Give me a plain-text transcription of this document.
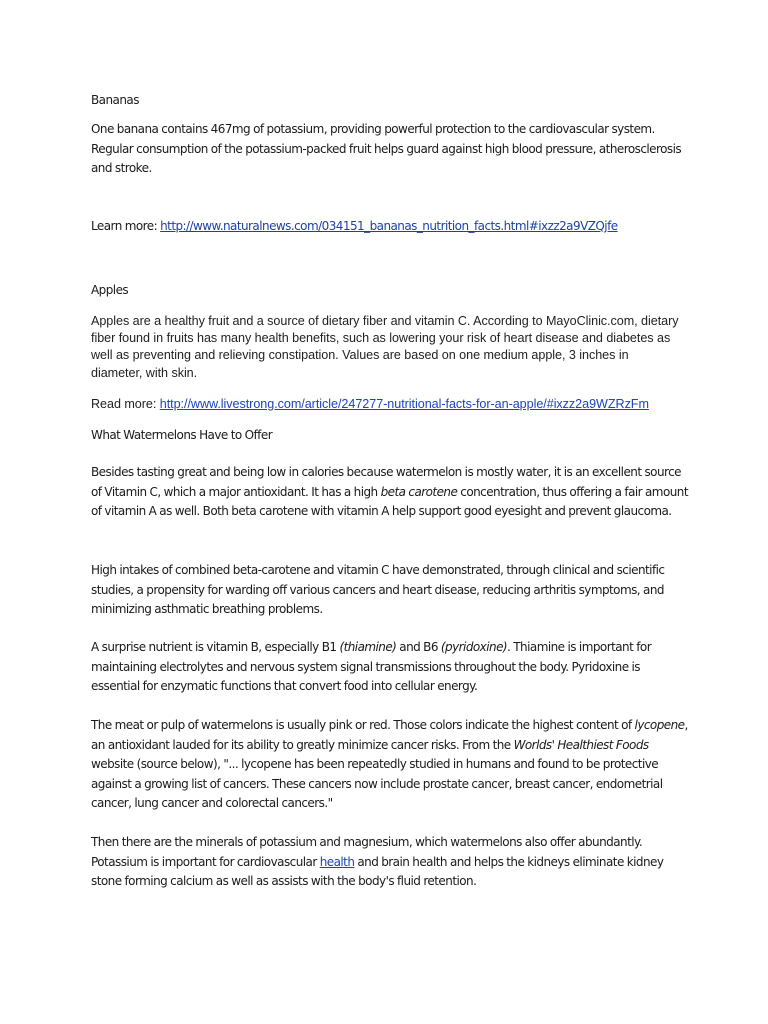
Bananas

One banana contains 467mg of potassium, providing powerful protection to the cardiovascular system. Regular consumption of the potassium-packed fruit helps guard against high blood pressure, atherosclerosis and stroke.

Learn more: http://www.naturalnews.com/034151_bananas_nutrition_facts.html#ixzz2a9VZQjfe

Apples

Apples are a healthy fruit and a source of dietary fiber and vitamin C. According to MayoClinic.com, dietary fiber found in fruits has many health benefits, such as lowering your risk of heart disease and diabetes as well as preventing and relieving constipation. Values are based on one medium apple, 3 inches in diameter, with skin.

Read more: http://www.livestrong.com/article/247277-nutritional-facts-for-an-apple/#ixzz2a9WZRzFm

What Watermelons Have to Offer

Besides tasting great and being low in calories because watermelon is mostly water, it is an excellent source of Vitamin C, which a major antioxidant. It has a high beta carotene concentration, thus offering a fair amount of vitamin A as well. Both beta carotene with vitamin A help support good eyesight and prevent glaucoma.

High intakes of combined beta-carotene and vitamin C have demonstrated, through clinical and scientific studies, a propensity for warding off various cancers and heart disease, reducing arthritis symptoms, and minimizing asthmatic breathing problems.

A surprise nutrient is vitamin B, especially B1 (thiamine) and B6 (pyridoxine). Thiamine is important for maintaining electrolytes and nervous system signal transmissions throughout the body. Pyridoxine is essential for enzymatic functions that convert food into cellular energy.

The meat or pulp of watermelons is usually pink or red. Those colors indicate the highest content of lycopene, an antioxidant lauded for its ability to greatly minimize cancer risks. From the Worlds' Healthiest Foods website (source below), "... lycopene has been repeatedly studied in humans and found to be protective against a growing list of cancers. These cancers now include prostate cancer, breast cancer, endometrial cancer, lung cancer and colorectal cancers."

Then there are the minerals of potassium and magnesium, which watermelons also offer abundantly. Potassium is important for cardiovascular health and brain health and helps the kidneys eliminate kidney stone forming calcium as well as assists with the body's fluid retention.
